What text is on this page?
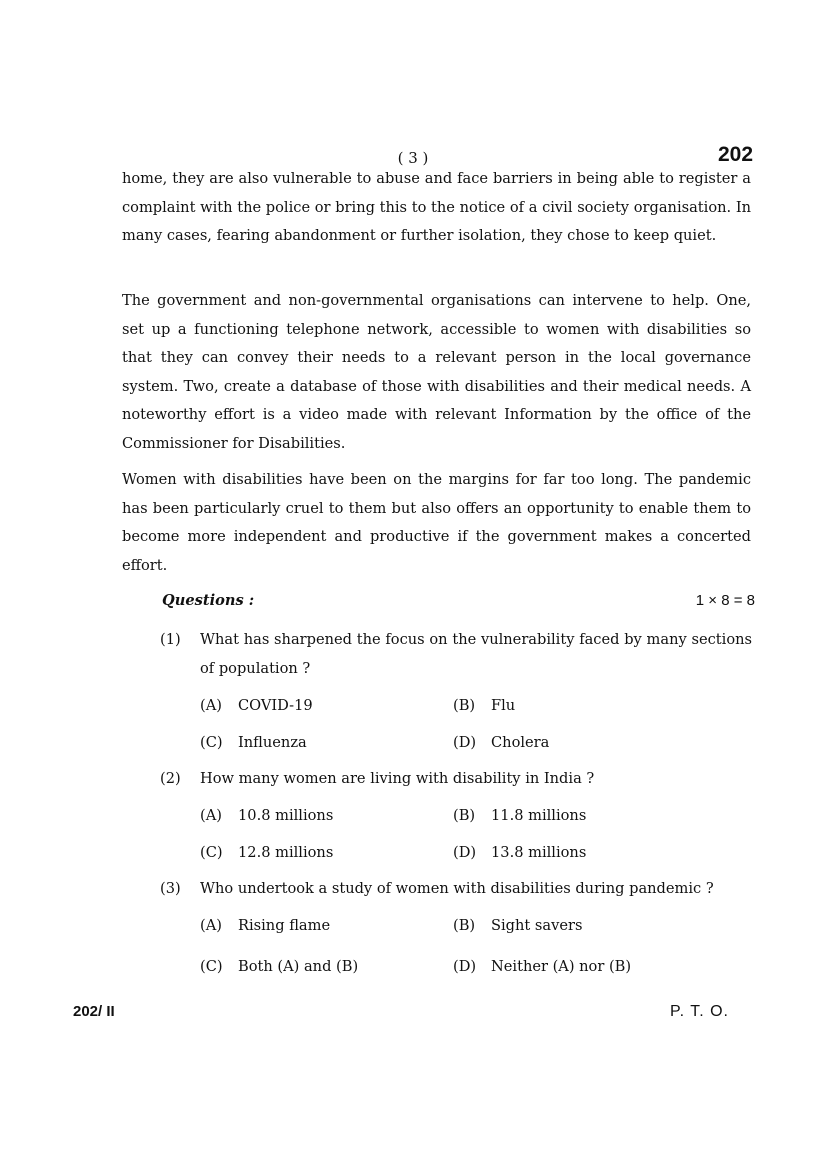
( 3 )	202

home, they are also vulnerable to abuse and face barriers in being able to register a complaint with the police or bring this to the notice of a civil society organisation. In many cases, fearing abandonment or further isolation, they chose to keep quiet.

The government and non-governmental organisations can intervene to help. One, set up a functioning telephone network, accessible to women with disabilities so that they can convey their needs to a relevant person in the local governance system. Two, create a database of those with disabilities and their medical needs. A noteworthy effort is a video made with relevant Information by the office of the Commissioner for Disabilities.

Women with disabilities have been on the margins for far too long. The pandemic has been particularly cruel to them but also offers an opportunity to enable them to become more independent and productive if the government makes a concerted effort.

Questions :	1 × 8 = 8
(1) What has sharpened the focus on the vulnerability faced by many sections of population ?
(A) COVID-19	(B) Flu
(C) Influenza	(D) Cholera
(2) How many women are living with disability in India ?
(A) 10.8 millions	(B) 11.8 millions
(C) 12.8 millions	(D) 13.8 millions
(3) Who undertook a study of women with disabilities during pandemic ?
(A) Rising flame	(B) Sight savers
(C) Both (A) and (B)	(D) Neither (A) nor (B)
202/ II	P. T. O.
